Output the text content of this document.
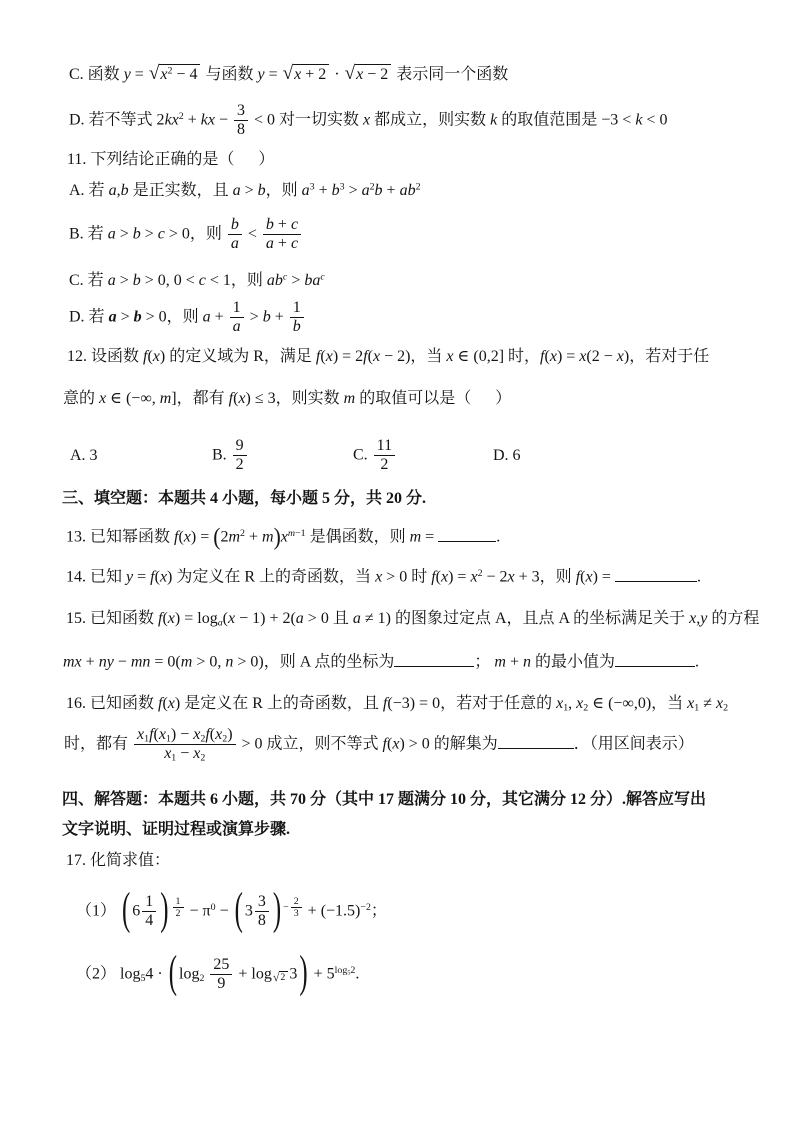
C. 函数 y = √ $x^2 - 4$ 与函数 y = √ x + 2 · √ x − 2 表示同一个函数
D. 若不等式 $2kx^2$ + kx − $\frac{3}{8} < 0$ 对一切实数 x 都成立，则实数 k 的取值范围是 −3 < k < 0
11. 下列结论正确的是（      ）
A. 若 a,b 是正实数，且 a > b，则 $a^3 + b^3 > a^2b + ab^2$
B. 若 a > b > c > 0，则 $\frac{b}{a} < \frac{b + c}{a + c}$
C. 若 a > b > 0, 0 < c < 1，则 $ab^c > ba^c$
D. 若 a > b > 0，则 $a + \frac{1}{a} > b + \frac{1}{b}$
12. 设函数 f(x) 的定义域为 R，满足 f(x) = 2f(x − 2)，当 x ∈ (0,2] 时，f(x) = x(2 − x)，若对于任
意的 x ∈ (−∞, m]，都有 f(x) ≤ 3，则实数 m 的取值可以是（      ）
A. 3	B. $\frac{9}{2}$	C. $\frac{11}{2}$	D. 6
三、填空题：本题共 4 小题，每小题 5 分，共 20 分.
13. 已知幂函数 $f(x) = (2m^2 + m)x^{m-1}$ 是偶函数，则 m =	.
14. 已知 y = f(x) 为定义在 R 上的奇函数，当 x > 0 时 $f(x) = x^2 - 2x + 3$，则 f(x) =	.
15. 已知函数 $f(x) = \log_a(x - 1) + 2(a > 0$ 且 a ≠ 1) 的图象过定点 A，且点 A 的坐标满足关于 x,y 的方程
mx + ny − mn = 0(m > 0, n > 0)，则 A 点的坐标为	； m + n 的最小值为	.
16. 已知函数 f(x) 是定义在 R 上的奇函数，且 f(−3) = 0，若对于任意的 $x_1$, $x_2$ ∈ (−∞,0)，当 $x_1 \ne x_2$
时，都有 $\frac{x_1f(x_1) - x_2f(x_2)}{x_1 - x_2} > 0$ 成立，则不等式 f(x) > 0 的解集为	．（用区间表示）
四、解答题：本题共 6 小题，共 70 分（其中 17 题满分 10 分，其它满分 12 分）.解答应写出
文字说明、证明过程或演算步骤.
17. 化简求值：
（1） ( $6 \frac{1}{4}$ ) $^{\frac{1}{2}} - \pi^0$ − ( $3 \frac{3}{8}$ ) $^{- \frac{2}{3}} + (-1.5)^{-2}$；
（2） $\log_54$ · ( $\log_2 \frac{25}{9} + \log _{√ 2}$ $3) + 5^{log_52}$.
